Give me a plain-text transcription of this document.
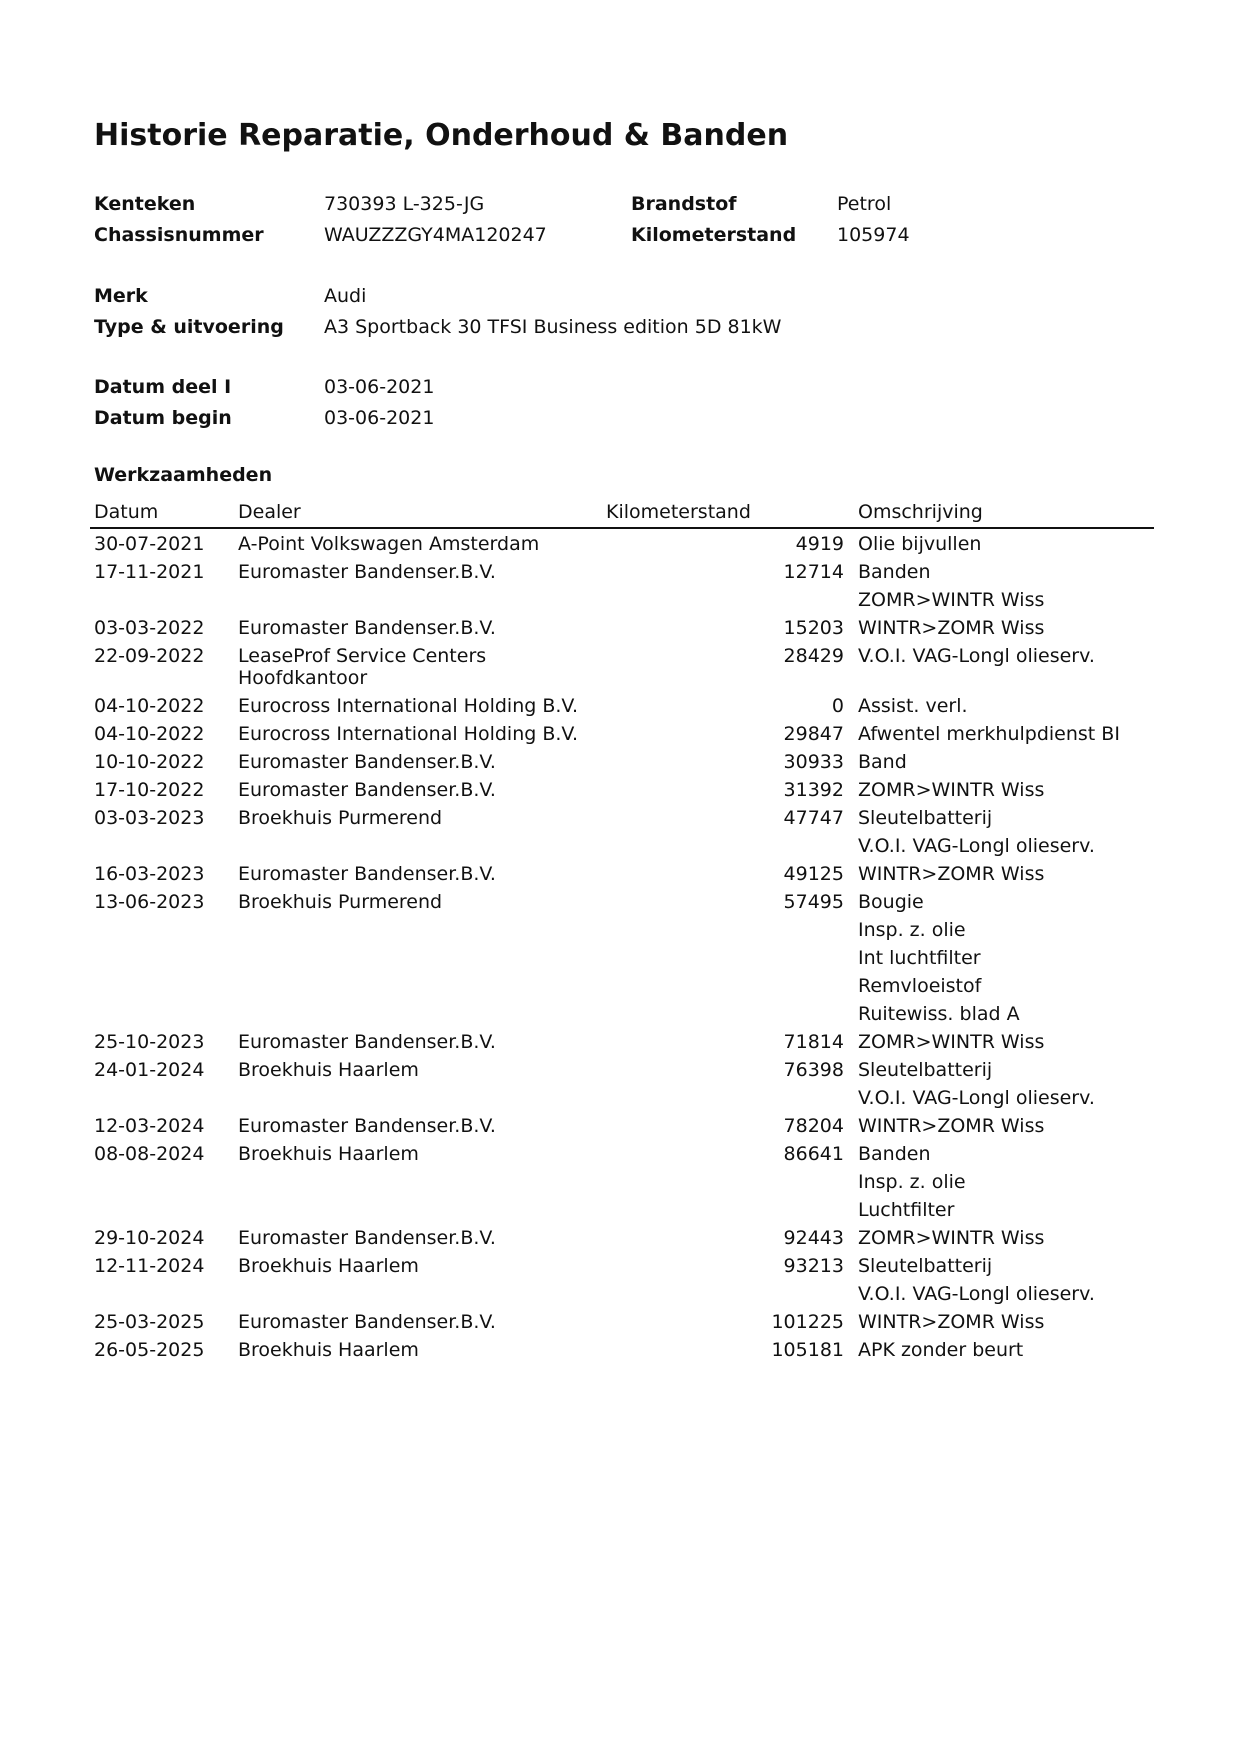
Historie Reparatie, Onderhoud & Banden
Kenteken	730393 L-325-JG	Brandstof	Petrol
Chassisnummer	WAUZZZGY4MA120247	Kilometerstand 105974
Merk	Audi
Type & uitvoering A3 Sportback 30 TFSI Business edition 5D 81kW
Datum deel I	03-06-2021
Datum begin	03-06-2021
Werkzaamheden
Datum	Dealer	Kilometerstand	Omschrijving
30-07-2021	A-Point Volkswagen Amsterdam	4919	Olie bijvullen
17-11-2021	Euromaster Bandenser.B.V.	12714	Banden
			ZOMR>WINTR Wiss
03-03-2022	Euromaster Bandenser.B.V.	15203	WINTR>ZOMR Wiss
22-09-2022	LeaseProf Service Centers Hoofdkantoor	28429	V.O.I. VAG-Longl olieserv.
04-10-2022	Eurocross International Holding B.V.	0	Assist. verl.
04-10-2022	Eurocross International Holding B.V.	29847	Afwentel merkhulpdienst BI
10-10-2022	Euromaster Bandenser.B.V.	30933	Band
17-10-2022	Euromaster Bandenser.B.V.	31392	ZOMR>WINTR Wiss
03-03-2023	Broekhuis Purmerend	47747	Sleutelbatterij
			V.O.I. VAG-Longl olieserv.
16-03-2023	Euromaster Bandenser.B.V.	49125	WINTR>ZOMR Wiss
13-06-2023	Broekhuis Purmerend	57495	Bougie
			Insp. z. olie
			Int luchtfilter
			Remvloeistof
			Ruitewiss. blad A
25-10-2023	Euromaster Bandenser.B.V.	71814	ZOMR>WINTR Wiss
24-01-2024	Broekhuis Haarlem	76398	Sleutelbatterij
			V.O.I. VAG-Longl olieserv.
12-03-2024	Euromaster Bandenser.B.V.	78204	WINTR>ZOMR Wiss
08-08-2024	Broekhuis Haarlem	86641	Banden
			Insp. z. olie
			Luchtfilter
29-10-2024	Euromaster Bandenser.B.V.	92443	ZOMR>WINTR Wiss
12-11-2024	Broekhuis Haarlem	93213	Sleutelbatterij
			V.O.I. VAG-Longl olieserv.
25-03-2025	Euromaster Bandenser.B.V.	101225	WINTR>ZOMR Wiss
26-05-2025	Broekhuis Haarlem	105181	APK zonder beurt
